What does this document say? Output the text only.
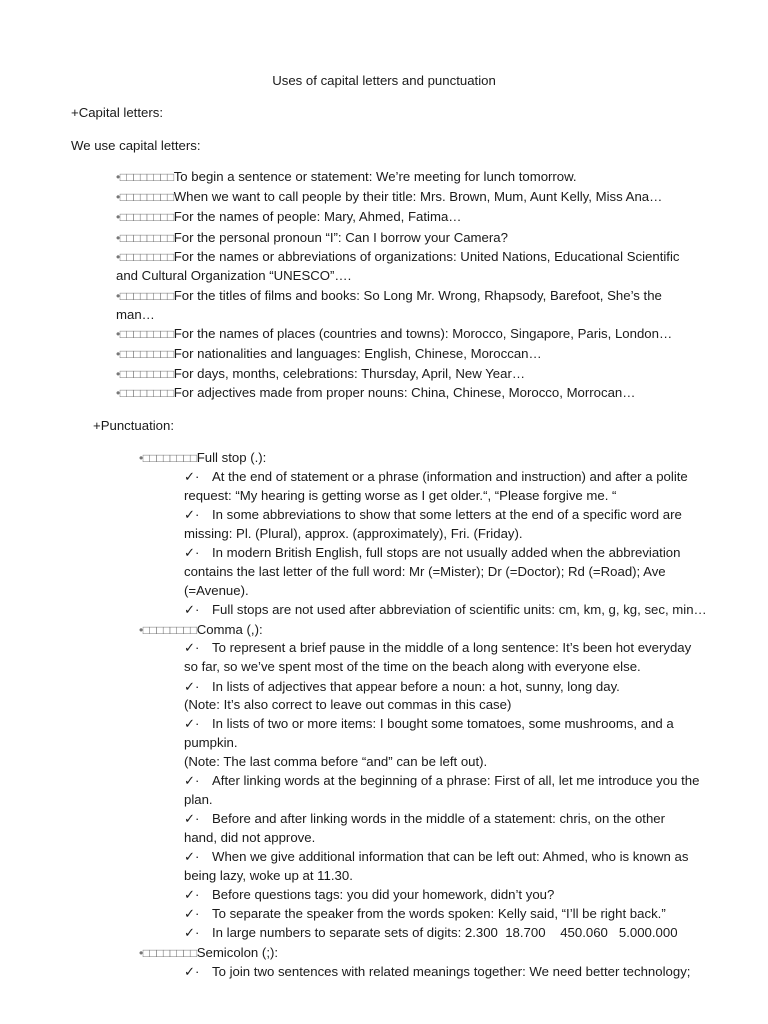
Uses of capital letters and punctuation
+Capital letters:
We use capital letters:
•□□□□□□□□To begin a sentence or statement: We’re meeting for lunch tomorrow.
•□□□□□□□□When we want to call people by their title: Mrs. Brown, Mum, Aunt Kelly, Miss Ana…
•□□□□□□□□For the names of people: Mary, Ahmed, Fatima…
•□□□□□□□□For the personal pronoun “I”: Can I borrow your Camera?
•□□□□□□□□For the names or abbreviations of organizations: United Nations, Educational Scientific
and Cultural Organization “UNESCO”….
•□□□□□□□□For the titles of films and books: So Long Mr. Wrong, Rhapsody, Barefoot, She’s the
man…
•□□□□□□□□For the names of places (countries and towns): Morocco, Singapore, Paris, London…
•□□□□□□□□For nationalities and languages: English, Chinese, Moroccan…
•□□□□□□□□For days, months, celebrations: Thursday, April, New Year…
•□□□□□□□□For adjectives made from proper nouns: China, Chinese, Morocco, Morrocan…
+Punctuation:
•□□□□□□□□Full stop (.):
✓· At the end of statement or a phrase (information and instruction) and after a polite
request: “My hearing is getting worse as I get older.“, “Please forgive me. “
✓· In some abbreviations to show that some letters at the end of a specific word are
missing: Pl. (Plural), approx. (approximately), Fri. (Friday).
✓· In modern British English, full stops are not usually added when the abbreviation
contains the last letter of the full word: Mr (=Mister); Dr (=Doctor); Rd (=Road); Ave
(=Avenue).
✓· Full stops are not used after abbreviation of scientific units: cm, km, g, kg, sec, min…
•□□□□□□□□Comma (,):
✓· To represent a brief pause in the middle of a long sentence: It’s been hot everyday
so far, so we’ve spent most of the time on the beach along with everyone else.
✓· In lists of adjectives that appear before a noun: a hot, sunny, long day.
(Note: It’s also correct to leave out commas in this case)
✓· In lists of two or more items: I bought some tomatoes, some mushrooms, and a
pumpkin.
(Note: The last comma before “and” can be left out).
✓· After linking words at the beginning of a phrase: First of all, let me introduce you the
plan.
✓· Before and after linking words in the middle of a statement: chris, on the other
hand, did not approve.
✓· When we give additional information that can be left out: Ahmed, who is known as
being lazy, woke up at 11.30.
✓· Before questions tags: you did your homework, didn’t you?
✓· To separate the speaker from the words spoken: Kelly said, “I’ll be right back.”
✓· In large numbers to separate sets of digits: 2.300  18.700    450.060   5.000.000
•□□□□□□□□Semicolon (;):
✓· To join two sentences with related meanings together: We need better technology;
